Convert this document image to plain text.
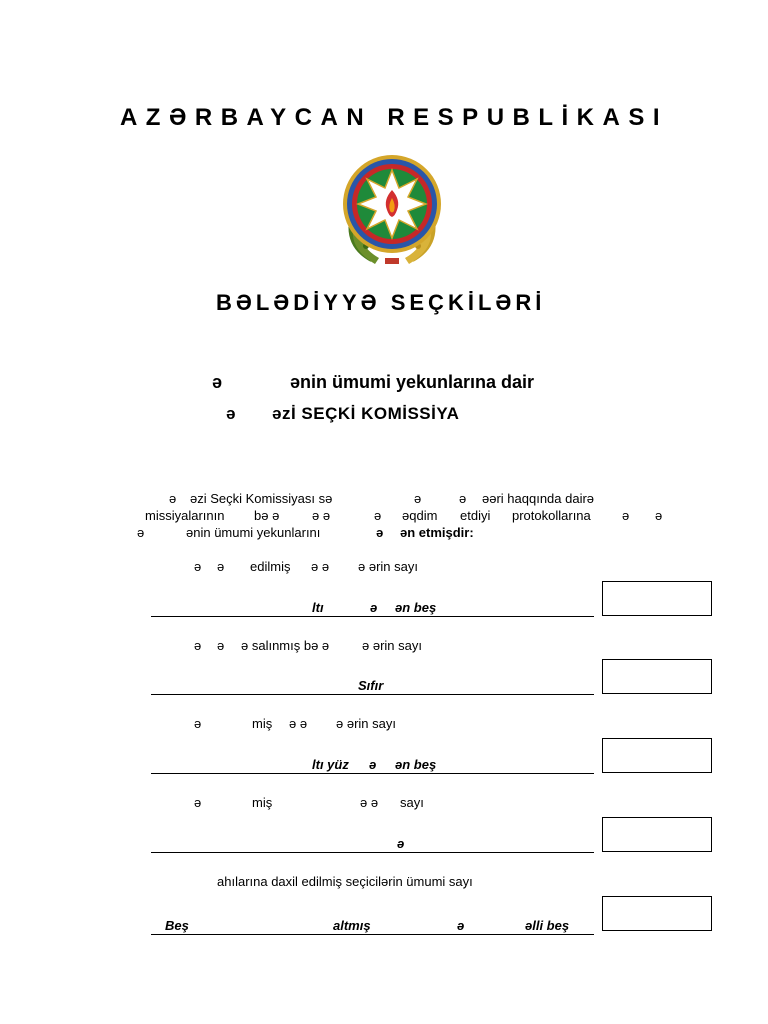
AZƏRBAYCAN RESPUBLİKASI
BƏLƏDİYYƏ SEÇKİLƏRİ
ə	ənin ümumi yekunlarına dair
ə əzİ SEÇKİ KOMİSSİYA
ə əzi Seçki Komissiyası sə	ə	ə əəri haqqında dairə
missiyalarının bə ə	ə ə	ə əqdim etdiyi protokollarına ə ə
ə	ənin ümumi yekunlarını	ə ən etmişdir:
ə ə edilmiş ə ə ə ərin sayı
ltı	ə ən beş
ə ə ə salınmış bə ə	ə ərin sayı
Sıfır
ə	miş ə ə ə ərin sayı
ltı yüz ə ən beş
ə	miş	ə ə sayı
ə
ahılarına daxil edilmiş seçicilərin ümumi sayı
Beş	altmış	ə	əlli beş
